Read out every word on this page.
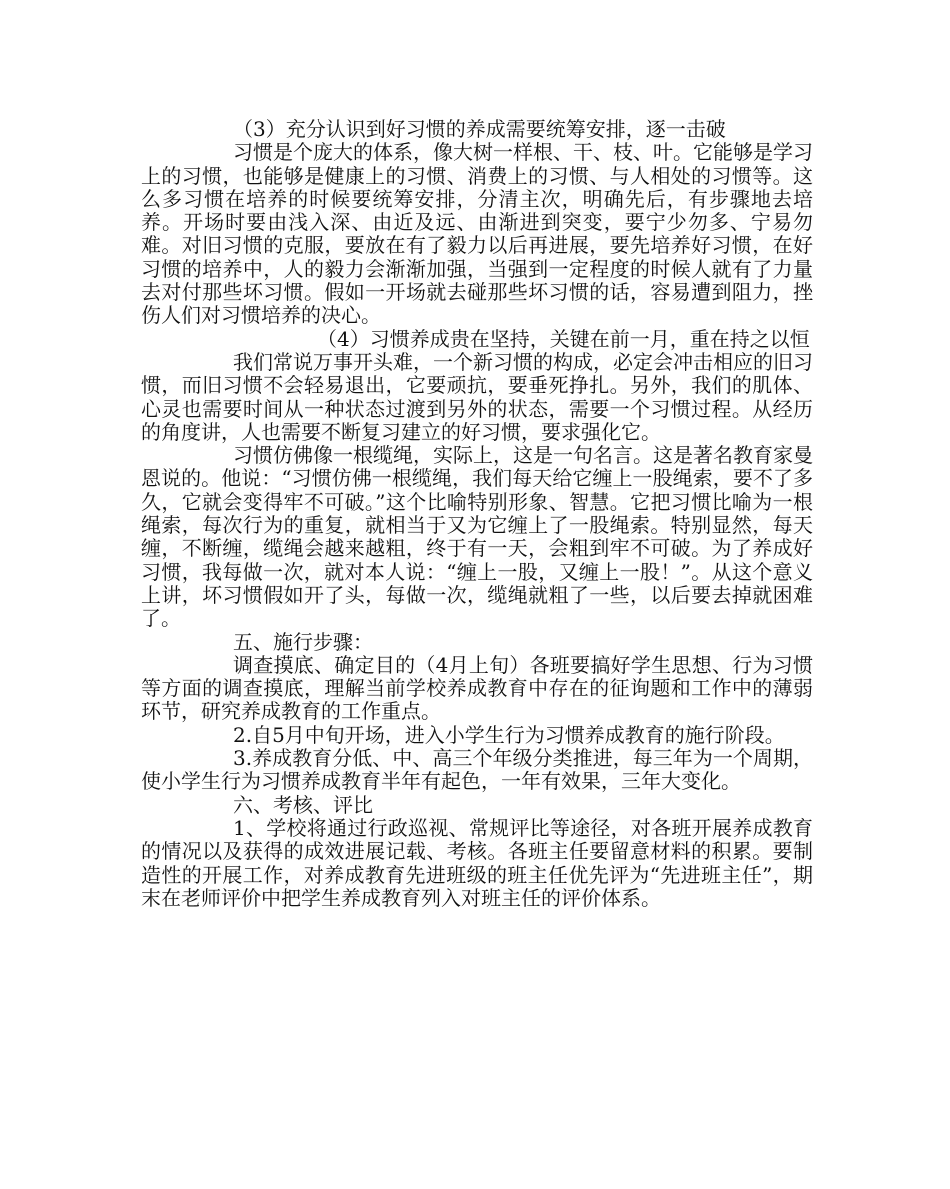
（3）充分认识到好习惯的养成需要统筹安排，逐一击破

习惯是个庞大的体系，像大树一样根、干、枝、叶。它能够是学习上的习惯，也能够是健康上的习惯、消费上的习惯、与人相处的习惯等。这么多习惯在培养的时候要统筹安排，分清主次，明确先后，有步骤地去培养。开场时要由浅入深、由近及远、由渐进到突变，要宁少勿多、宁易勿难。对旧习惯的克服，要放在有了毅力以后再进展，要先培养好习惯，在好习惯的培养中，人的毅力会渐渐加强，当强到一定程度的时候人就有了力量去对付那些坏习惯。假如一开场就去碰那些坏习惯的话，容易遭到阻力，挫伤人们对习惯培养的决心。

（4）习惯养成贵在坚持，关键在前一月，重在持之以恒

我们常说万事开头难，一个新习惯的构成，必定会冲击相应的旧习惯，而旧习惯不会轻易退出，它要顽抗，要垂死挣扎。另外，我们的肌体、心灵也需要时间从一种状态过渡到另外的状态，需要一个习惯过程。从经历的角度讲，人也需要不断复习建立的好习惯，要求强化它。

习惯仿佛像一根缆绳，实际上，这是一句名言。这是著名教育家曼恩说的。他说：“习惯仿佛一根缆绳，我们每天给它缠上一股绳索，要不了多久，它就会变得牢不可破。”这个比喻特别形象、智慧。它把习惯比喻为一根绳索，每次行为的重复，就相当于又为它缠上了一股绳索。特别显然，每天缠，不断缠，缆绳会越来越粗，终于有一天，会粗到牢不可破。为了养成好习惯，我每做一次，就对本人说：“缠上一股，又缠上一股！”。从这个意义上讲，坏习惯假如开了头，每做一次，缆绳就粗了一些，以后要去掉就困难了。

五、施行步骤：

调查摸底、确定目的（4月上旬）各班要搞好学生思想、行为习惯等方面的调查摸底，理解当前学校养成教育中存在的征询题和工作中的薄弱环节，研究养成教育的工作重点。

2.自5月中旬开场，进入小学生行为习惯养成教育的施行阶段。

3.养成教育分低、中、高三个年级分类推进，每三年为一个周期，使小学生行为习惯养成教育半年有起色，一年有效果，三年大变化。

六、考核、评比

1、学校将通过行政巡视、常规评比等途径，对各班开展养成教育的情况以及获得的成效进展记载、考核。各班主任要留意材料的积累。要制造性的开展工作，对养成教育先进班级的班主任优先评为“先进班主任”，期末在老师评价中把学生养成教育列入对班主任的评价体系。
